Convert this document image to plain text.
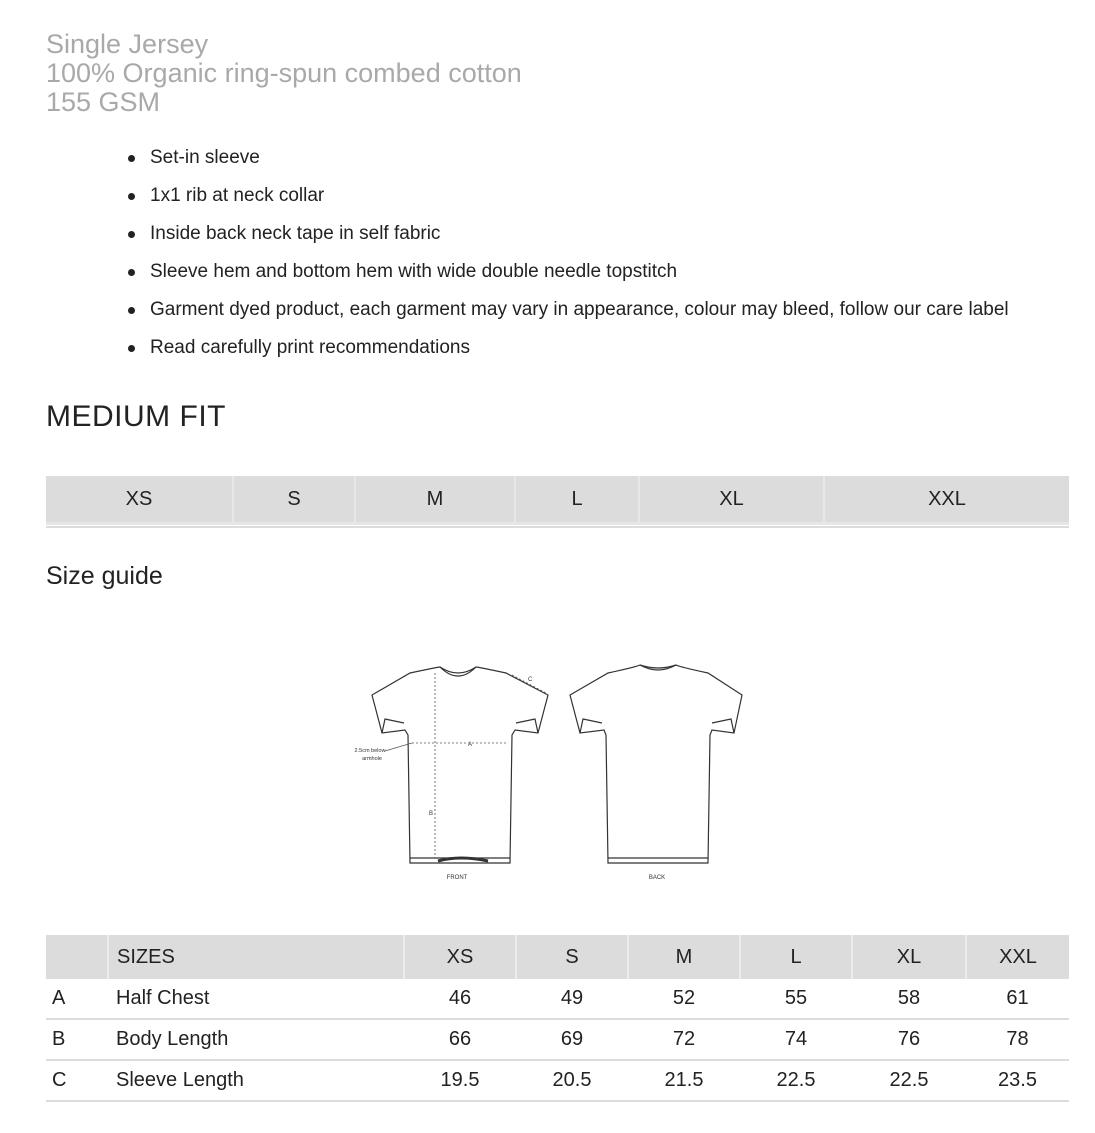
Single Jersey
100% Organic ring-spun combed cotton
155 GSM
Set-in sleeve
1x1 rib at neck collar
Inside back neck tape in self fabric
Sleeve hem and bottom hem with wide double needle topstitch
Garment dyed product, each garment may vary in appearance, colour may bleed, follow our care label
Read carefully print recommendations
MEDIUM FIT
XS	S	M	L	XL	XXL
Size guide
A
B
C
2.5cm below
armhole
FRONT	BACK
	SIZES	XS	S	M	L	XL	XXL
A	Half Chest	46	49	52	55	58	61
B	Body Length	66	69	72	74	76	78
C	Sleeve Length	19.5	20.5	21.5	22.5	22.5	23.5
